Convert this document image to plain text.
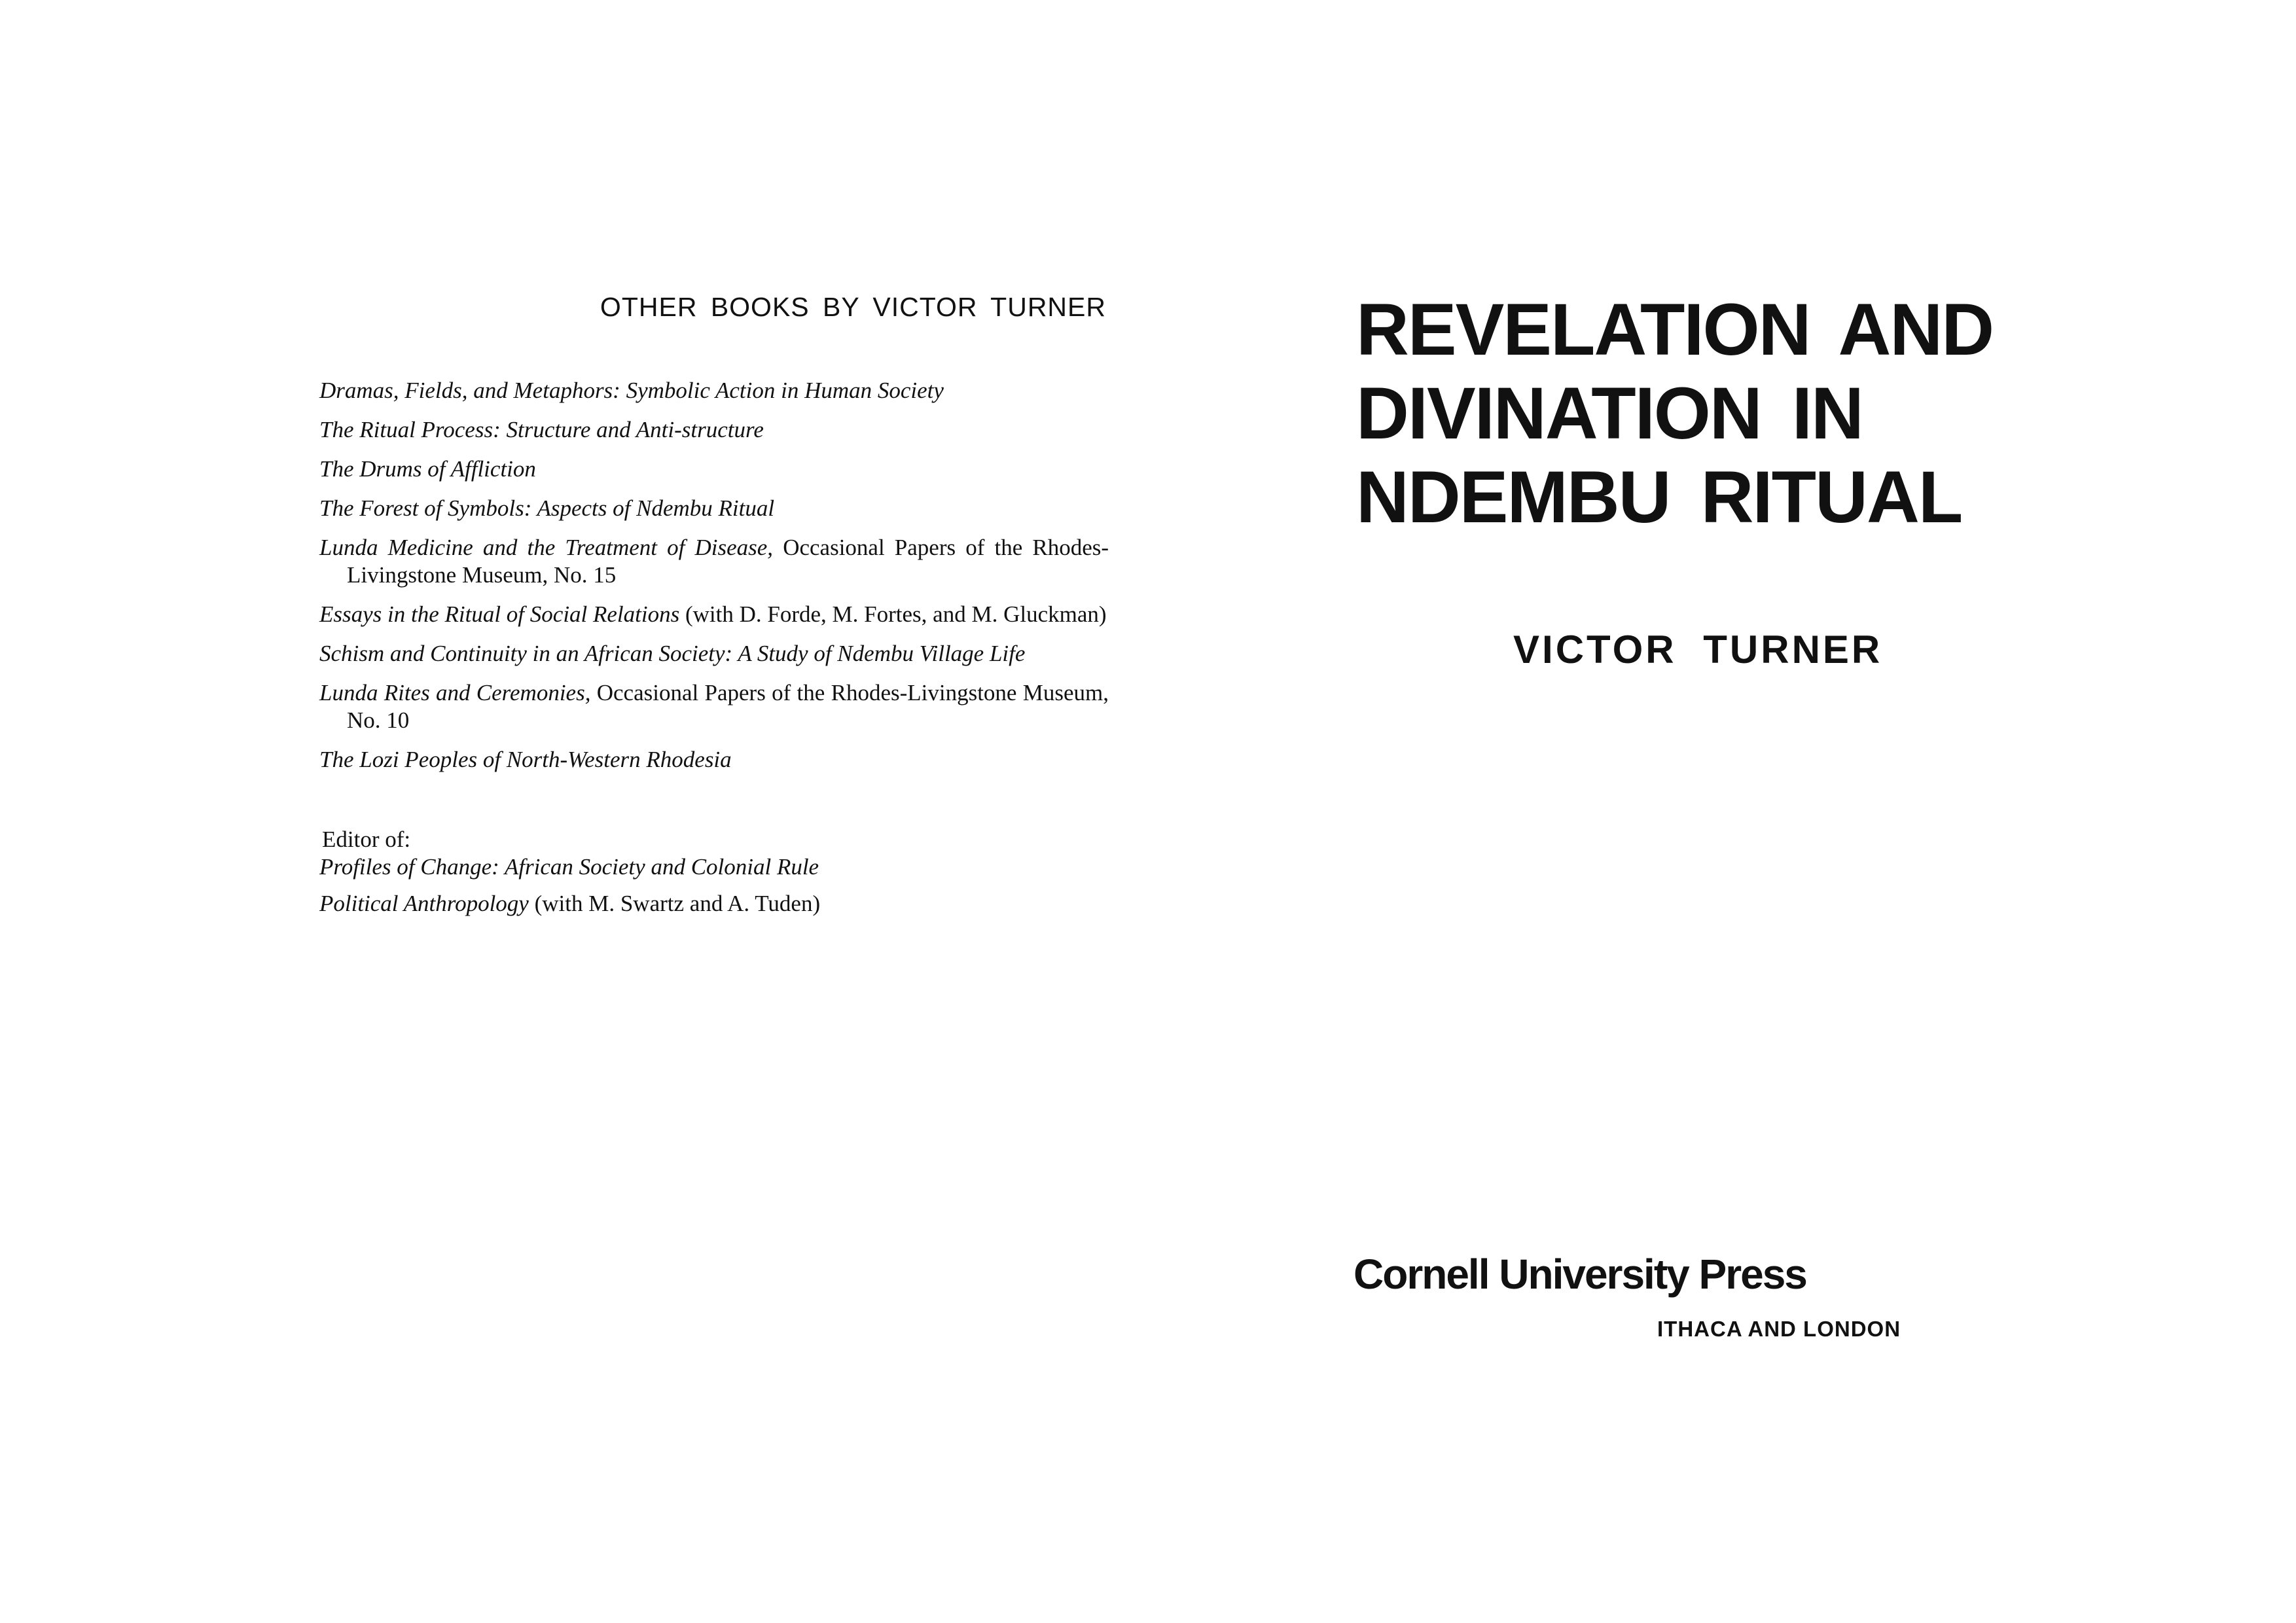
OTHER BOOKS BY VICTOR TURNER
Dramas, Fields, and Metaphors: Symbolic Action in Human Society
The Ritual Process: Structure and Anti-structure
The Drums of Affliction
The Forest of Symbols: Aspects of Ndembu Ritual
Lunda Medicine and the Treatment of Disease, Occasional Papers of the Rhodes-Livingstone Museum, No. 15
Essays in the Ritual of Social Relations (with D. Forde, M. Fortes, and M. Gluckman)
Schism and Continuity in an African Society: A Study of Ndembu Village Life
Lunda Rites and Ceremonies, Occasional Papers of the Rhodes-Livingstone Museum, No. 10
The Lozi Peoples of North-Western Rhodesia
Editor of:
Profiles of Change: African Society and Colonial Rule
Political Anthropology (with M. Swartz and A. Tuden)
REVELATION AND
DIVINATION IN
NDEMBU RITUAL
VICTOR TURNER
Cornell University Press
ITHACA AND LONDON
